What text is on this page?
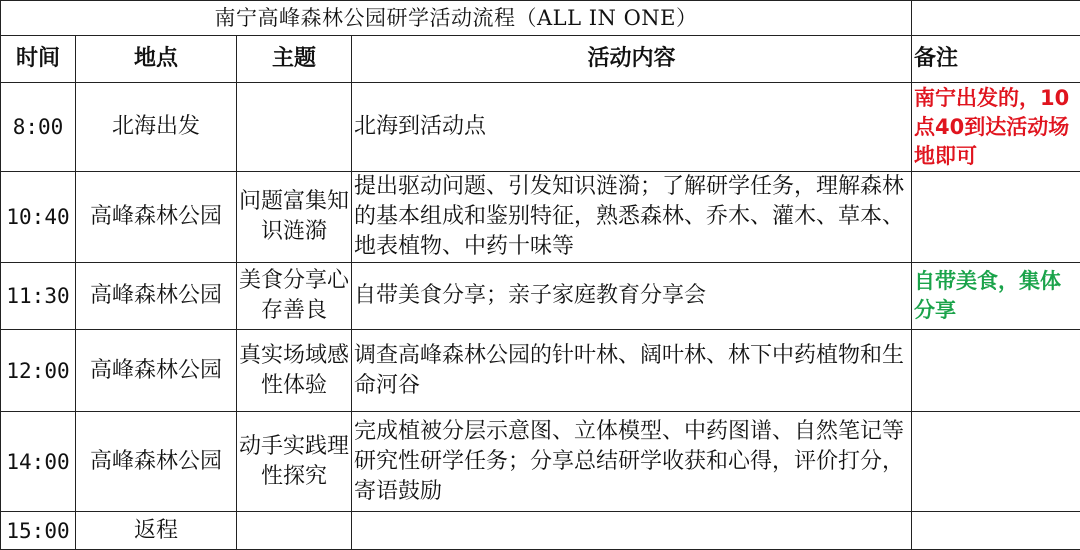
南宁高峰森林公园研学活动流程（ALL IN ONE）				
时间	地点	主题	活动内容	备注
8:00	北海出发		北海到活动点	南宁出发的，10点40到达活动场地即可
10:40	高峰森林公园	问题富集知识涟漪	提出驱动问题、引发知识涟漪；了解研学任务，理解森林的基本组成和鉴别特征，熟悉森林、乔木、灌木、草本、地表植物、中药十味等	
11:30	高峰森林公园	美食分享心存善良	自带美食分享；亲子家庭教育分享会	自带美食，集体分享
12:00	高峰森林公园	真实场域感性体验	调查高峰森林公园的针叶林、阔叶林、林下中药植物和生命河谷	
14:00	高峰森林公园	动手实践理性探究	完成植被分层示意图、立体模型、中药图谱、自然笔记等研究性研学任务；分享总结研学收获和心得，评价打分，寄语鼓励	
15:00	返程			
